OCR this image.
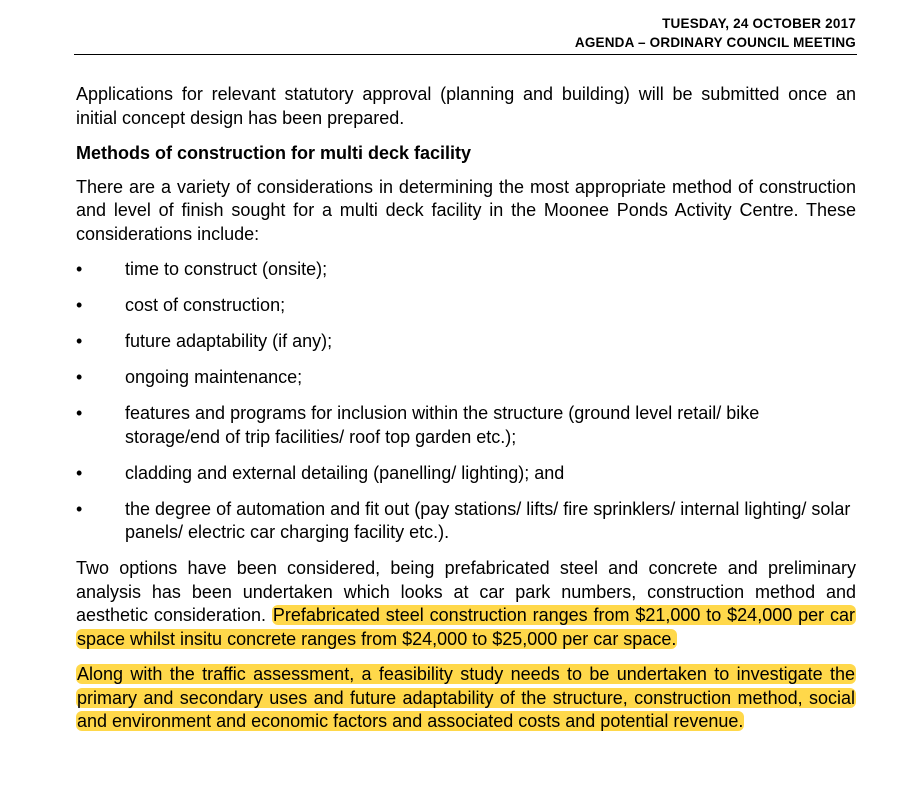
TUESDAY, 24 OCTOBER 2017
AGENDA – ORDINARY COUNCIL MEETING

Applications for relevant statutory approval (planning and building) will be submitted once an initial concept design has been prepared.

Methods of construction for multi deck facility

There are a variety of considerations in determining the most appropriate method of construction and level of finish sought for a multi deck facility in the Moonee Ponds Activity Centre. These considerations include:

•	time to construct (onsite);
•	cost of construction;
•	future adaptability (if any);
•	ongoing maintenance;
•	features and programs for inclusion within the structure (ground level retail/ bike storage/end of trip facilities/ roof top garden etc.);
•	cladding and external detailing (panelling/ lighting); and
•	the degree of automation and fit out (pay stations/ lifts/ fire sprinklers/ internal lighting/ solar panels/ electric car charging facility etc.).

Two options have been considered, being prefabricated steel and concrete and preliminary analysis has been undertaken which looks at car park numbers, construction method and aesthetic consideration. Prefabricated steel construction ranges from $21,000 to $24,000 per car space whilst insitu concrete ranges from $24,000 to $25,000 per car space.

Along with the traffic assessment, a feasibility study needs to be undertaken to investigate the primary and secondary uses and future adaptability of the structure, construction method, social and environment and economic factors and associated costs and potential revenue.
